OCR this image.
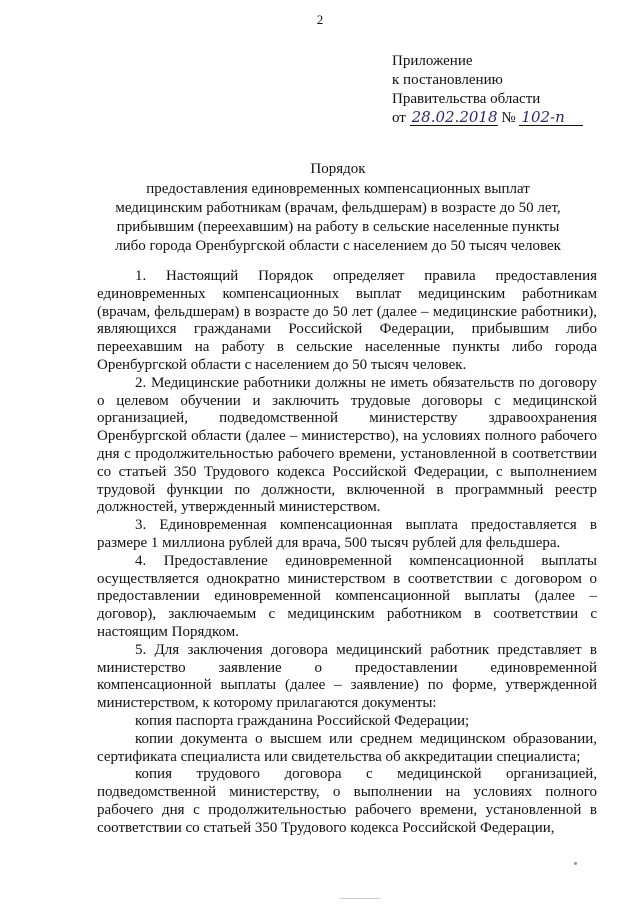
2
Приложение
к постановлению
Правительства области
от 28.02.2018 № 102-п
Порядок
предоставления единовременных компенсационных выплат
медицинским работникам (врачам, фельдшерам) в возрасте до 50 лет,
прибывшим (переехавшим) на работу в сельские населенные пункты
либо города Оренбургской области с населением до 50 тысяч человек

1. Настоящий Порядок определяет правила предоставления единовременных компенсационных выплат медицинским работникам (врачам, фельдшерам) в возрасте до 50 лет (далее – медицинские работники), являющихся гражданами Российской Федерации, прибывшим либо переехавшим на работу в сельские населенные пункты либо города Оренбургской области с населением до 50 тысяч человек.

2. Медицинские работники должны не иметь обязательств по договору о целевом обучении и заключить трудовые договоры с медицинской организацией, подведомственной министерству здравоохранения Оренбургской области (далее – министерство), на условиях полного рабочего дня с продолжительностью рабочего времени, установленной в соответствии со статьей 350 Трудового кодекса Российской Федерации, с выполнением трудовой функции по должности, включенной в программный реестр должностей, утвержденный министерством.

3. Единовременная компенсационная выплата предоставляется в размере 1 миллиона рублей для врача, 500 тысяч рублей для фельдшера.

4. Предоставление единовременной компенсационной выплаты осуществляется однократно министерством в соответствии с договором о предоставлении единовременной компенсационной выплаты (далее – договор), заключаемым с медицинским работником в соответствии с настоящим Порядком.

5. Для заключения договора медицинский работник представляет в министерство заявление о предоставлении единовременной компенсационной выплаты (далее – заявление) по форме, утвержденной министерством, к которому прилагаются документы:

копия паспорта гражданина Российской Федерации;

копии документа о высшем или среднем медицинском образовании, сертификата специалиста или свидетельства об аккредитации специалиста;

копия трудового договора с медицинской организацией, подведомственной министерству, о выполнении на условиях полного рабочего дня с продолжительностью рабочего времени, установленной в соответствии со статьей 350 Трудового кодекса Российской Федерации,
